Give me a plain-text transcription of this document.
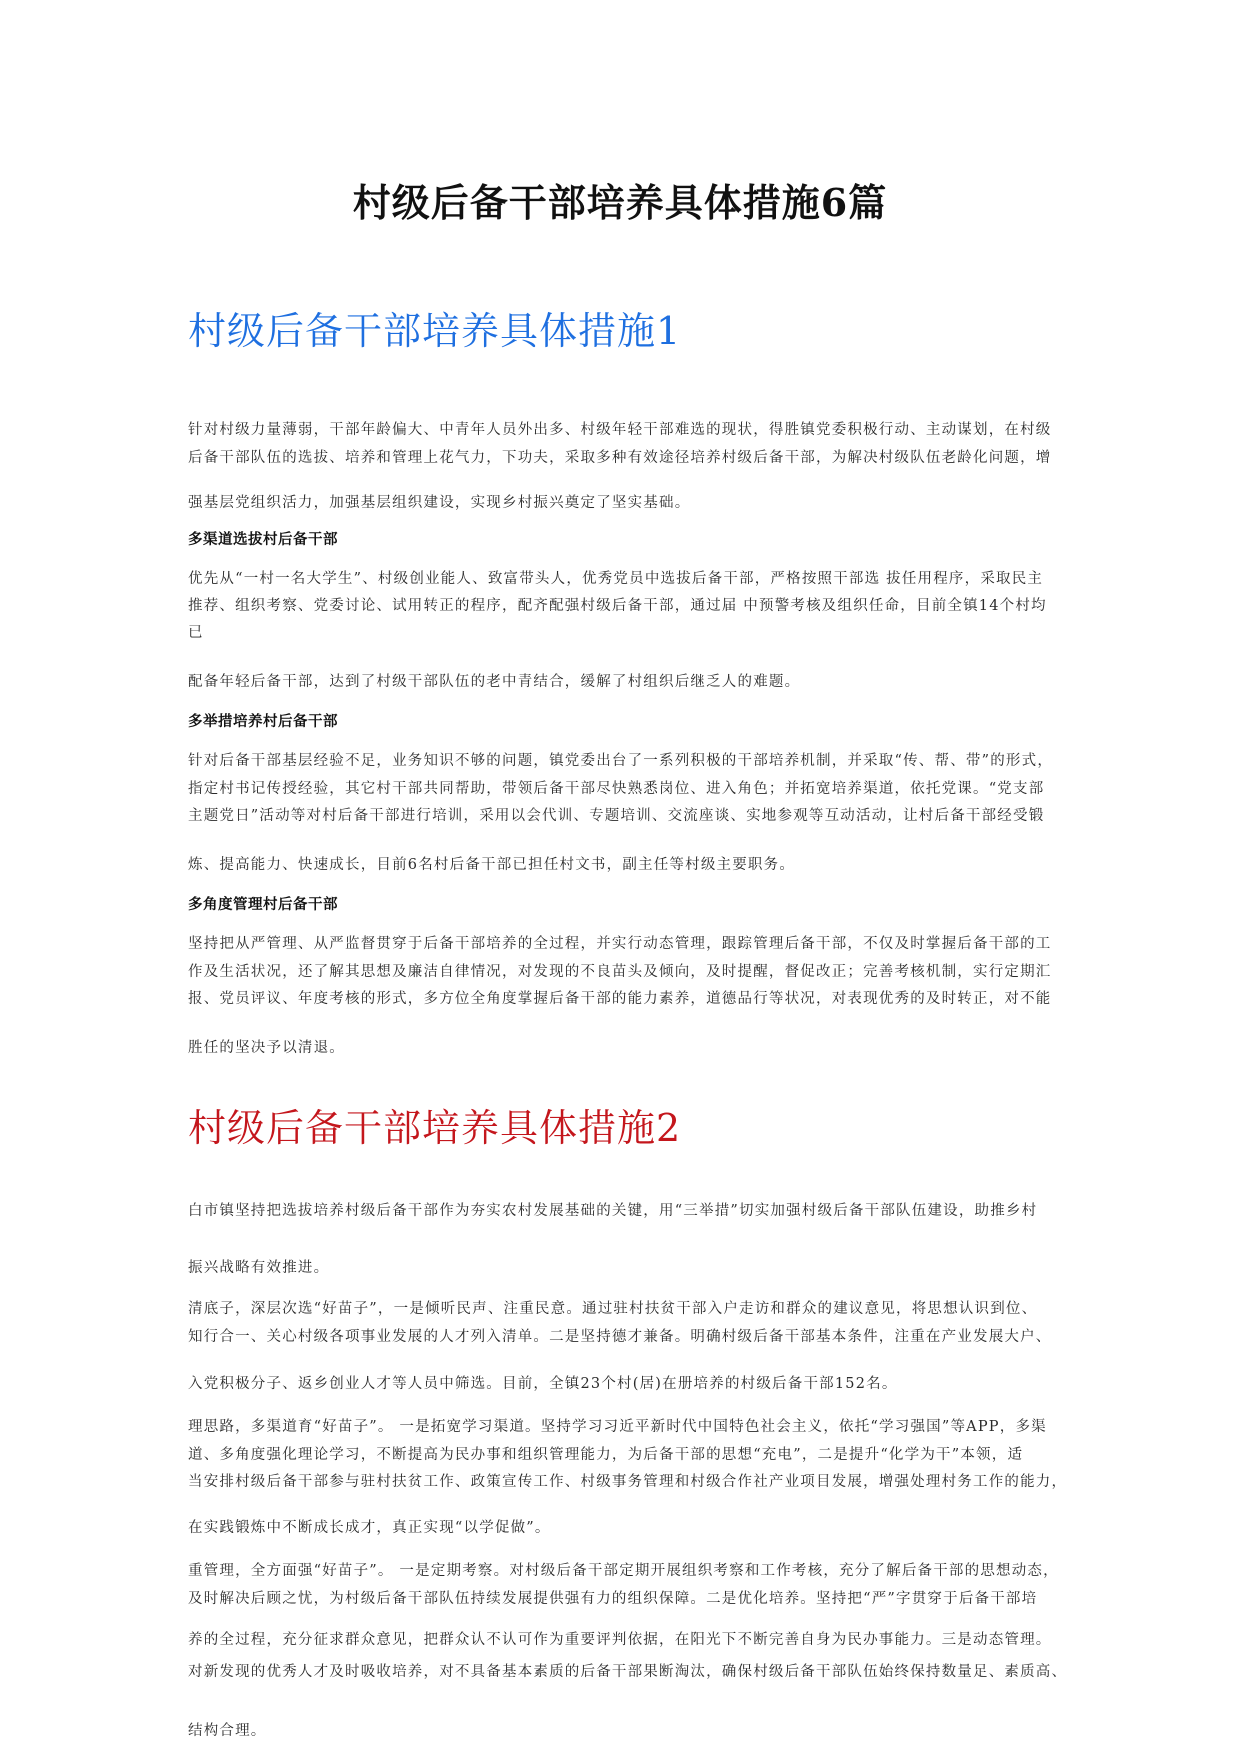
村级后备干部培养具体措施6篇
村级后备干部培养具体措施1
针对村级力量薄弱，干部年龄偏大、中青年人员外出多、村级年轻干部难选的现状，得胜镇党委积极行动、主动谋划，在村级
后备干部队伍的选拔、培养和管理上花气力，下功夫，采取多种有效途径培养村级后备干部，为解决村级队伍老龄化问题，增
强基层党组织活力，加强基层组织建设，实现乡村振兴奠定了坚实基础。
多渠道选拔村后备干部
优先从“一村一名大学生”、村级创业能人、致富带头人，优秀党员中选拔后备干部，严格按照干部选 拔任用程序，采取民主
推荐、组织考察、党委讨论、试用转正的程序，配齐配强村级后备干部，通过届 中预警考核及组织任命，目前全镇14个村均
已
配备年轻后备干部，达到了村级干部队伍的老中青结合，缓解了村组织后继乏人的难题。
多举措培养村后备干部
针对后备干部基层经验不足，业务知识不够的问题，镇党委出台了一系列积极的干部培养机制，并采取“传、帮、带”的形式，
指定村书记传授经验，其它村干部共同帮助，带领后备干部尽快熟悉岗位、进入角色；并拓宽培养渠道，依托党课。“党支部
主题党日”活动等对村后备干部进行培训，采用以会代训、专题培训、交流座谈、实地参观等互动活动，让村后备干部经受锻
炼、提高能力、快速成长，目前6名村后备干部已担任村文书，副主任等村级主要职务。
多角度管理村后备干部
坚持把从严管理、从严监督贯穿于后备干部培养的全过程，并实行动态管理，跟踪管理后备干部，不仅及时掌握后备干部的工
作及生活状况，还了解其思想及廉洁自律情况，对发现的不良苗头及倾向，及时提醒，督促改正；完善考核机制，实行定期汇
报、党员评议、年度考核的形式，多方位全角度掌握后备干部的能力素养，道德品行等状况，对表现优秀的及时转正，对不能
胜任的坚决予以清退。
村级后备干部培养具体措施2
白市镇坚持把选拔培养村级后备干部作为夯实农村发展基础的关键，用“三举措”切实加强村级后备干部队伍建设，助推乡村
振兴战略有效推进。
清底子，深层次选“好苗子”，一是倾听民声、注重民意。通过驻村扶贫干部入户走访和群众的建议意见，将思想认识到位、
知行合一、关心村级各项事业发展的人才列入清单。二是坚持德才兼备。明确村级后备干部基本条件，注重在产业发展大户、
入党积极分子、返乡创业人才等人员中筛选。目前，全镇23个村(居)在册培养的村级后备干部152名。
理思路，多渠道育“好苗子”。 一是拓宽学习渠道。坚持学习习近平新时代中国特色社会主义，依托“学习强国”等APP，多渠
道、多角度强化理论学习，不断提高为民办事和组织管理能力，为后备干部的思想“充电”，二是提升“化学为干”本领，适
当安排村级后备干部参与驻村扶贫工作、政策宣传工作、村级事务管理和村级合作社产业项目发展，增强处理村务工作的能力，
在实践锻炼中不断成长成才，真正实现“以学促做”。
重管理，全方面强“好苗子”。 一是定期考察。对村级后备干部定期开展组织考察和工作考核，充分了解后备干部的思想动态，
及时解决后顾之忧，为村级后备干部队伍持续发展提供强有力的组织保障。二是优化培养。坚持把“严”字贯穿于后备干部培
养的全过程，充分征求群众意见，把群众认不认可作为重要评判依据，在阳光下不断完善自身为民办事能力。三是动态管理。
对新发现的优秀人才及时吸收培养，对不具备基本素质的后备干部果断淘汰，确保村级后备干部队伍始终保持数量足、素质高、
结构合理。
